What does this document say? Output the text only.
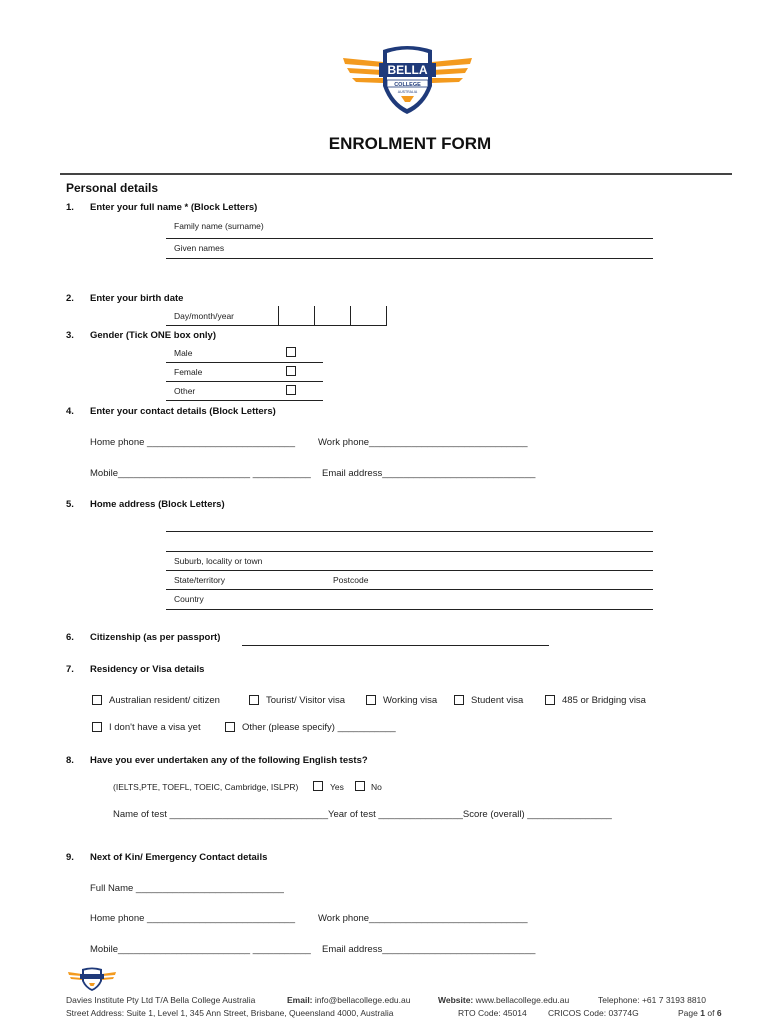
BELLA
COLLEGE
AUSTRALIA
ENROLMENT FORM
Personal details
1. Enter your full name * (Block Letters)
Family name (surname)
Given names
2. Enter your birth date
Day/month/year
3. Gender (Tick ONE box only)
Male
Female
Other
4. Enter your contact details (Block Letters)
Home phone ____________________________ Work phone______________________________
Mobile_________________________ ___________ Email address_____________________________
5. Home address (Block Letters)
Suburb, locality or town
State/territory	Postcode
Country
6. Citizenship (as per passport)
7. Residency or Visa details
Australian resident/ citizen	Tourist/ Visitor visa	Working visa	Student visa	485 or Bridging visa
I don't have a visa yet	Other (please specify) ___________
8. Have you ever undertaken any of the following English tests?
(IELTS,PTE, TOEFL, TOEIC, Cambridge, ISLPR)	Yes	No
Name of test ______________________________Year of test ________________Score (overall) ________________
9. Next of Kin/ Emergency Contact details
Full Name ____________________________
Home phone ____________________________ Work phone______________________________
Mobile_________________________ ___________ Email address_____________________________
Davies Institute Pty Ltd T/A Bella College Australia	Email: info@bellacollege.edu.au	Website: www.bellacollege.edu.au	Telephone: +61 7 3193 8810
Street Address: Suite 1, Level 1, 345 Ann Street, Brisbane, Queensland 4000, Australia	RTO Code: 45014	CRICOS Code: 03774G	Page 1 of 6
